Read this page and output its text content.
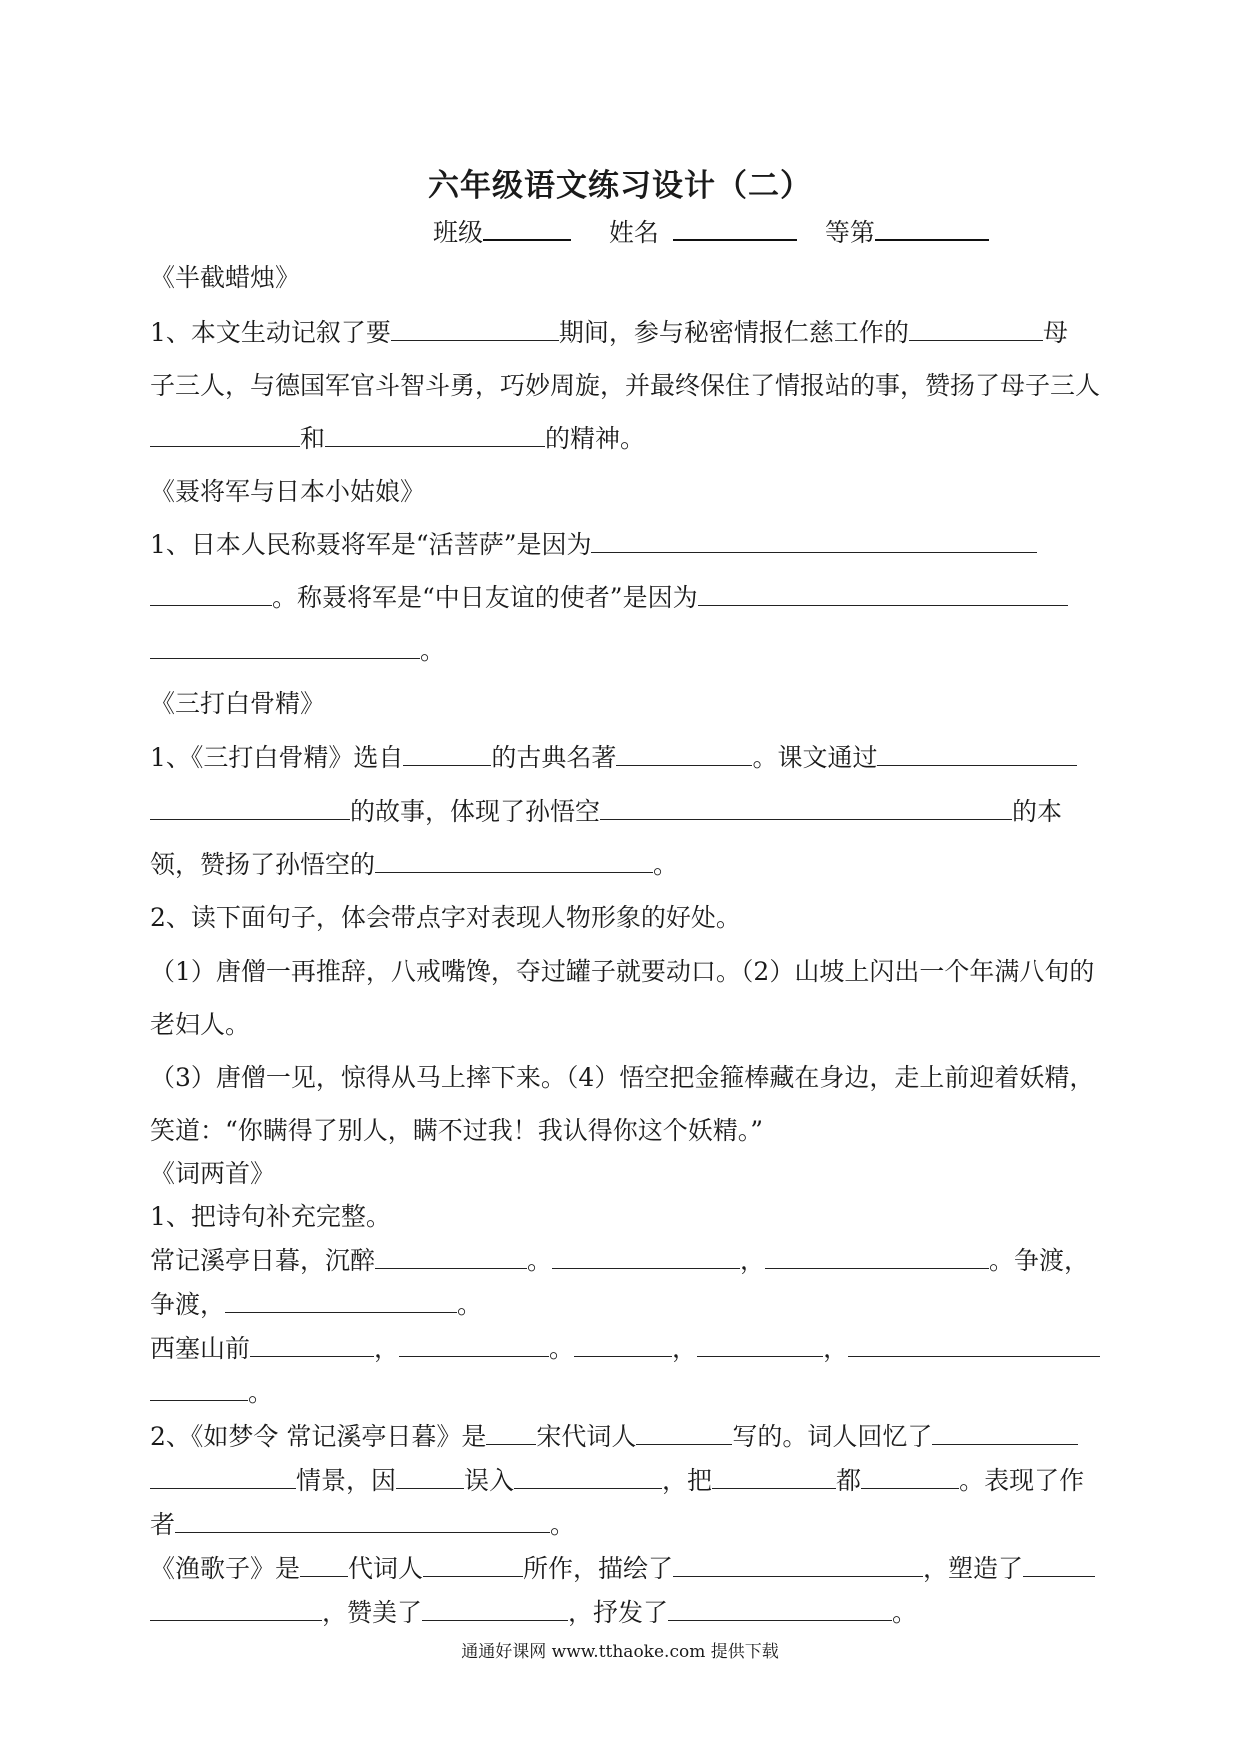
六年级语文练习设计（二）
班级	姓名	等第
《半截蜡烛》
1、本文生动记叙了要	期间，参与秘密情报仁慈工作的	母
子三人，与德国军官斗智斗勇，巧妙周旋，并最终保住了情报站的事，赞扬了母子三人
和	的精神。
《聂将军与日本小姑娘》
1、日本人民称聂将军是“活菩萨”是因为
。称聂将军是“中日友谊的使者”是因为
。
《三打白骨精》
1、《三打白骨精》选自	的古典名著	。课文通过
的故事，体现了孙悟空	的本
领，赞扬了孙悟空的	。
2、读下面句子，体会带点字对表现人物形象的好处。
（1）唐僧一再推辞，八戒嘴馋，夺过罐子就要动口。（2）山坡上闪出一个年满八旬的
老妇人。
（3）唐僧一见，惊得从马上摔下来。（4）悟空把金箍棒藏在身边，走上前迎着妖精，
笑道：“你瞒得了别人，瞒不过我！我认得你这个妖精。”
《词两首》
1、把诗句补充完整。
常记溪亭日暮，沉醉	。	，	。争渡，
争渡，	。
西塞山前	，	。	，	，
。
2、《如梦令 常记溪亭日暮》是 宋代词人	写的。词人回忆了
情景，因	误入	，把	都	。表现了作
者	。
《渔歌子》是 代词人	所作，描绘了	，塑造了
，赞美了	，抒发了	。
通通好课网 www.tthaoke.com 提供下载
